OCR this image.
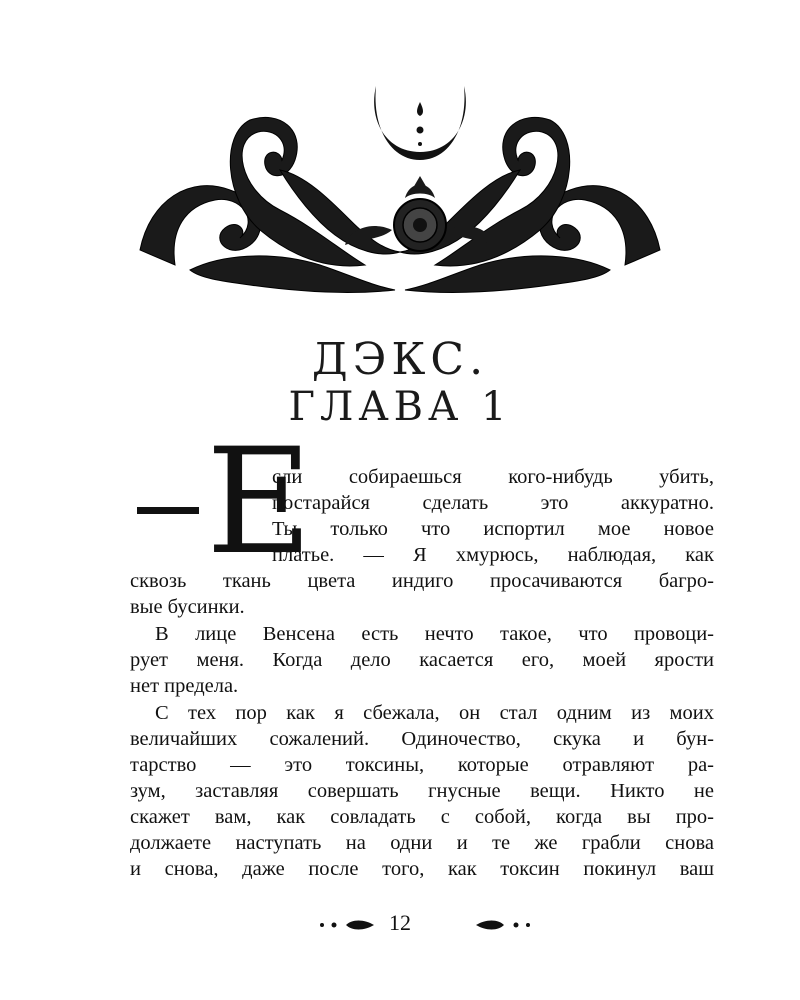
ДЭКС.
ГЛАВА 1
Е
сли собираешься кого-нибудь убить,
постарайся сделать это аккуратно.
Ты только что испортил мое новое
платье. — Я хмурюсь, наблюдая, как
сквозь ткань цвета индиго просачиваются багро-
вые бусинки.
В лице Венсена есть нечто такое, что провоци-
рует меня. Когда дело касается его, моей ярости
нет предела.
С тех пор как я сбежала, он стал одним из моих
величайших сожалений. Одиночество, скука и бун-
тарство — это токсины, которые отравляют ра-
зум, заставляя совершать гнусные вещи. Никто не
скажет вам, как совладать с собой, когда вы про-
должаете наступать на одни и те же грабли снова
и снова, даже после того, как токсин покинул ваш
12
